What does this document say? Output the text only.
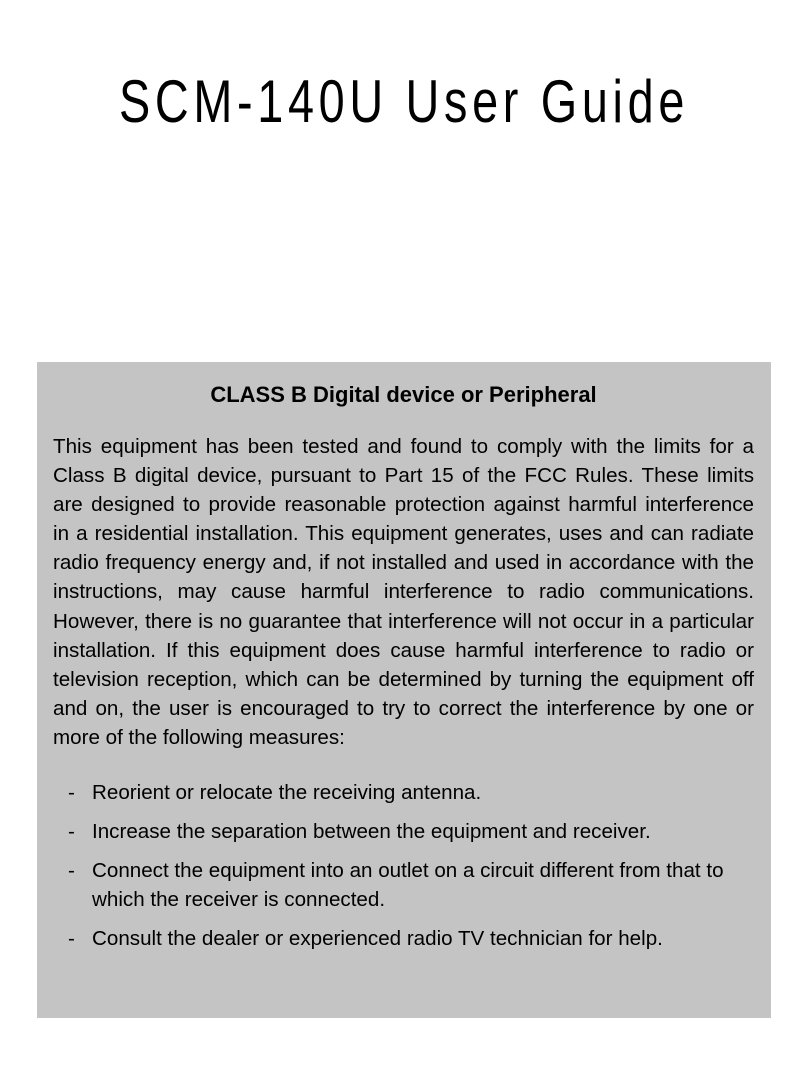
SCM-140U User Guide
CLASS B Digital device or Peripheral

This equipment has been tested and found to comply with the limits for a Class B digital device, pursuant to Part 15 of the FCC Rules. These limits are designed to provide reasonable protection against harmful interference in a residential installation. This equipment generates, uses and can radiate radio frequency energy and, if not installed and used in accordance with the instructions, may cause harmful interference to radio communications. However, there is no guarantee that interference will not occur in a particular installation. If this equipment does cause harmful interference to radio or television reception, which can be determined by turning the equipment off and on, the user is encouraged to try to correct the interference by one or more of the following measures:

- Reorient or relocate the receiving antenna.
- Increase the separation between the equipment and receiver.
- Connect the equipment into an outlet on a circuit different from that to which the receiver is connected.
- Consult the dealer or experienced radio TV technician for help.
